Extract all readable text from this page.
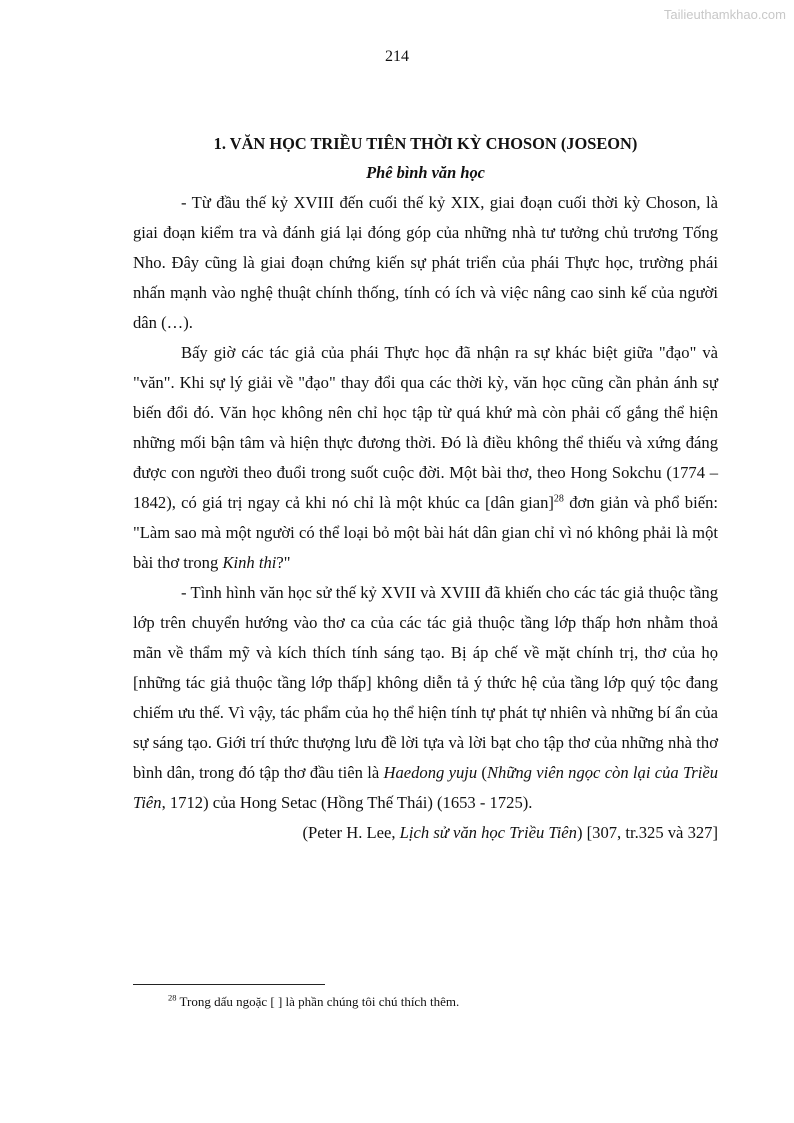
Tailieuthamkhao.com
214
1. VĂN HỌC TRIỀU TIÊN THỜI KỲ CHOSON (JOSEON)
Phê bình văn học

- Từ đầu thế kỷ XVIII đến cuối thế kỷ XIX, giai đoạn cuối thời kỳ Choson, là giai đoạn kiểm tra và đánh giá lại đóng góp của những nhà tư tưởng chủ trương Tống Nho. Đây cũng là giai đoạn chứng kiến sự phát triển của phái Thực học, trường phái nhấn mạnh vào nghệ thuật chính thống, tính có ích và việc nâng cao sinh kế của người dân (…).

Bấy giờ các tác giả của phái Thực học đã nhận ra sự khác biệt giữa "đạo" và "văn". Khi sự lý giải về "đạo" thay đổi qua các thời kỳ, văn học cũng cần phản ánh sự biến đổi đó. Văn học không nên chỉ học tập từ quá khứ mà còn phải cố gắng thể hiện những mối bận tâm và hiện thực đương thời. Đó là điều không thể thiếu và xứng đáng được con người theo đuổi trong suốt cuộc đời. Một bài thơ, theo Hong Sokchu (1774 – 1842), có giá trị ngay cả khi nó chỉ là một khúc ca [dân gian]$^{28}$ đơn giản và phổ biến: "Làm sao mà một người có thể loại bỏ một bài hát dân gian chỉ vì nó không phải là một bài thơ trong Kinh thi?"

- Tình hình văn học sử thế kỷ XVII và XVIII đã khiến cho các tác giả thuộc tầng lớp trên chuyển hướng vào thơ ca của các tác giả thuộc tầng lớp thấp hơn nhằm thoả mãn về thẩm mỹ và kích thích tính sáng tạo. Bị áp chế về mặt chính trị, thơ của họ [những tác giả thuộc tầng lớp thấp] không diễn tả ý thức hệ của tầng lớp quý tộc đang chiếm ưu thế. Vì vậy, tác phẩm của họ thể hiện tính tự phát tự nhiên và những bí ẩn của sự sáng tạo. Giới trí thức thượng lưu đề lời tựa và lời bạt cho tập thơ của những nhà thơ bình dân, trong đó tập thơ đầu tiên là Haedong yuju (Những viên ngọc còn lại của Triều Tiên, 1712) của Hong Setac (Hồng Thế Thái) (1653 - 1725).

(Peter H. Lee, Lịch sử văn học Triều Tiên) [307, tr.325 và 327]

$^{28}$ Trong dấu ngoặc [ ] là phần chúng tôi chú thích thêm.
